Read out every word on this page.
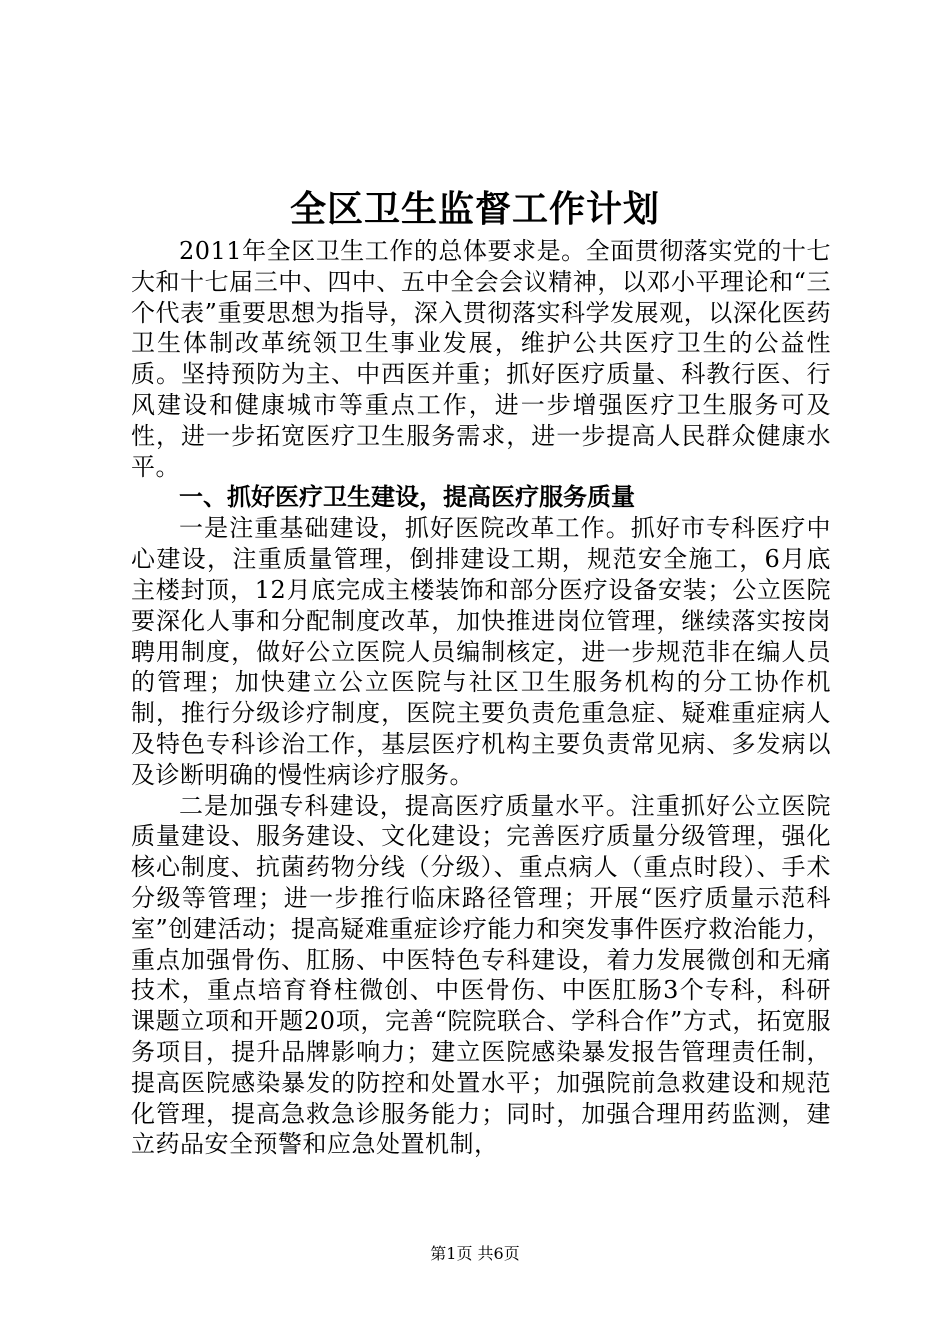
全区卫生监督工作计划

2011年全区卫生工作的总体要求是。全面贯彻落实党的十七大和十七届三中、四中、五中全会会议精神，以邓小平理论和“三个代表”重要思想为指导，深入贯彻落实科学发展观，以深化医药卫生体制改革统领卫生事业发展，维护公共医疗卫生的公益性质。坚持预防为主、中西医并重；抓好医疗质量、科教行医、行风建设和健康城市等重点工作，进一步增强医疗卫生服务可及性，进一步拓宽医疗卫生服务需求，进一步提高人民群众健康水平。

一、抓好医疗卫生建设，提高医疗服务质量

一是注重基础建设，抓好医院改革工作。抓好市专科医疗中心建设，注重质量管理，倒排建设工期，规范安全施工，6月底主楼封顶，12月底完成主楼装饰和部分医疗设备安装；公立医院要深化人事和分配制度改革，加快推进岗位管理，继续落实按岗聘用制度，做好公立医院人员编制核定，进一步规范非在编人员的管理；加快建立公立医院与社区卫生服务机构的分工协作机制，推行分级诊疗制度，医院主要负责危重急症、疑难重症病人及特色专科诊治工作，基层医疗机构主要负责常见病、多发病以及诊断明确的慢性病诊疗服务。

二是加强专科建设，提高医疗质量水平。注重抓好公立医院质量建设、服务建设、文化建设；完善医疗质量分级管理，强化核心制度、抗菌药物分线（分级）、重点病人（重点时段）、手术分级等管理；进一步推行临床路径管理；开展“医疗质量示范科室”创建活动；提高疑难重症诊疗能力和突发事件医疗救治能力，重点加强骨伤、肛肠、中医特色专科建设，着力发展微创和无痛技术，重点培育脊柱微创、中医骨伤、中医肛肠3个专科，科研课题立项和开题20项，完善“院院联合、学科合作”方式，拓宽服务项目，提升品牌影响力；建立医院感染暴发报告管理责任制，提高医院感染暴发的防控和处置水平；加强院前急救建设和规范化管理，提高急救急诊服务能力；同时，加强合理用药监测，建立药品安全预警和应急处置机制，

第1页 共6页
